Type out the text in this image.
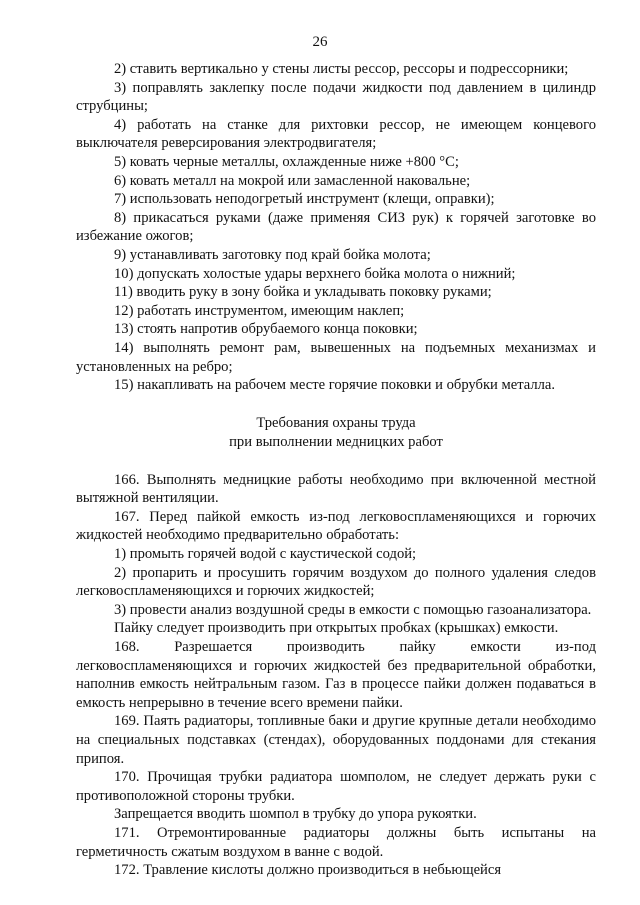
26

2) ставить вертикально у стены листы рессор, рессоры и подрессорники;

3) поправлять заклепку после подачи жидкости под давлением в цилиндр струбцины;

4) работать на станке для рихтовки рессор, не имеющем концевого выключателя реверсирования электродвигателя;

5) ковать черные металлы, охлажденные ниже +800 °С;

6) ковать металл на мокрой или замасленной наковальне;

7) использовать неподогретый инструмент (клещи, оправки);

8) прикасаться руками (даже применяя СИЗ рук) к горячей заготовке во избежание ожогов;

9) устанавливать заготовку под край бойка молота;

10) допускать холостые удары верхнего бойка молота о нижний;

11) вводить руку в зону бойка и укладывать поковку руками;

12) работать инструментом, имеющим наклеп;

13) стоять напротив обрубаемого конца поковки;

14) выполнять ремонт рам, вывешенных на подъемных механизмах и установленных на ребро;

15) накапливать на рабочем месте горячие поковки и обрубки металла.

Требования охраны труда
при выполнении медницких работ

166. Выполнять медницкие работы необходимо при включенной местной вытяжной вентиляции.

167. Перед пайкой емкость из-под легковоспламеняющихся и горючих жидкостей необходимо предварительно обработать:

1) промыть горячей водой с каустической содой;

2) пропарить и просушить горячим воздухом до полного удаления следов легковоспламеняющихся и горючих жидкостей;

3) провести анализ воздушной среды в емкости с помощью газоанализатора.

Пайку следует производить при открытых пробках (крышках) емкости.

168. Разрешается производить пайку емкости из-под легковоспламеняющихся и горючих жидкостей без предварительной обработки, наполнив емкость нейтральным газом. Газ в процессе пайки должен подаваться в емкость непрерывно в течение всего времени пайки.

169. Паять радиаторы, топливные баки и другие крупные детали необходимо на специальных подставках (стендах), оборудованных поддонами для стекания припоя.

170. Прочищая трубки радиатора шомполом, не следует держать руки с противоположной стороны трубки.

Запрещается вводить шомпол в трубку до упора рукоятки.

171. Отремонтированные радиаторы должны быть испытаны на герметичность сжатым воздухом в ванне с водой.

172. Травление кислоты должно производиться в небьющейся
